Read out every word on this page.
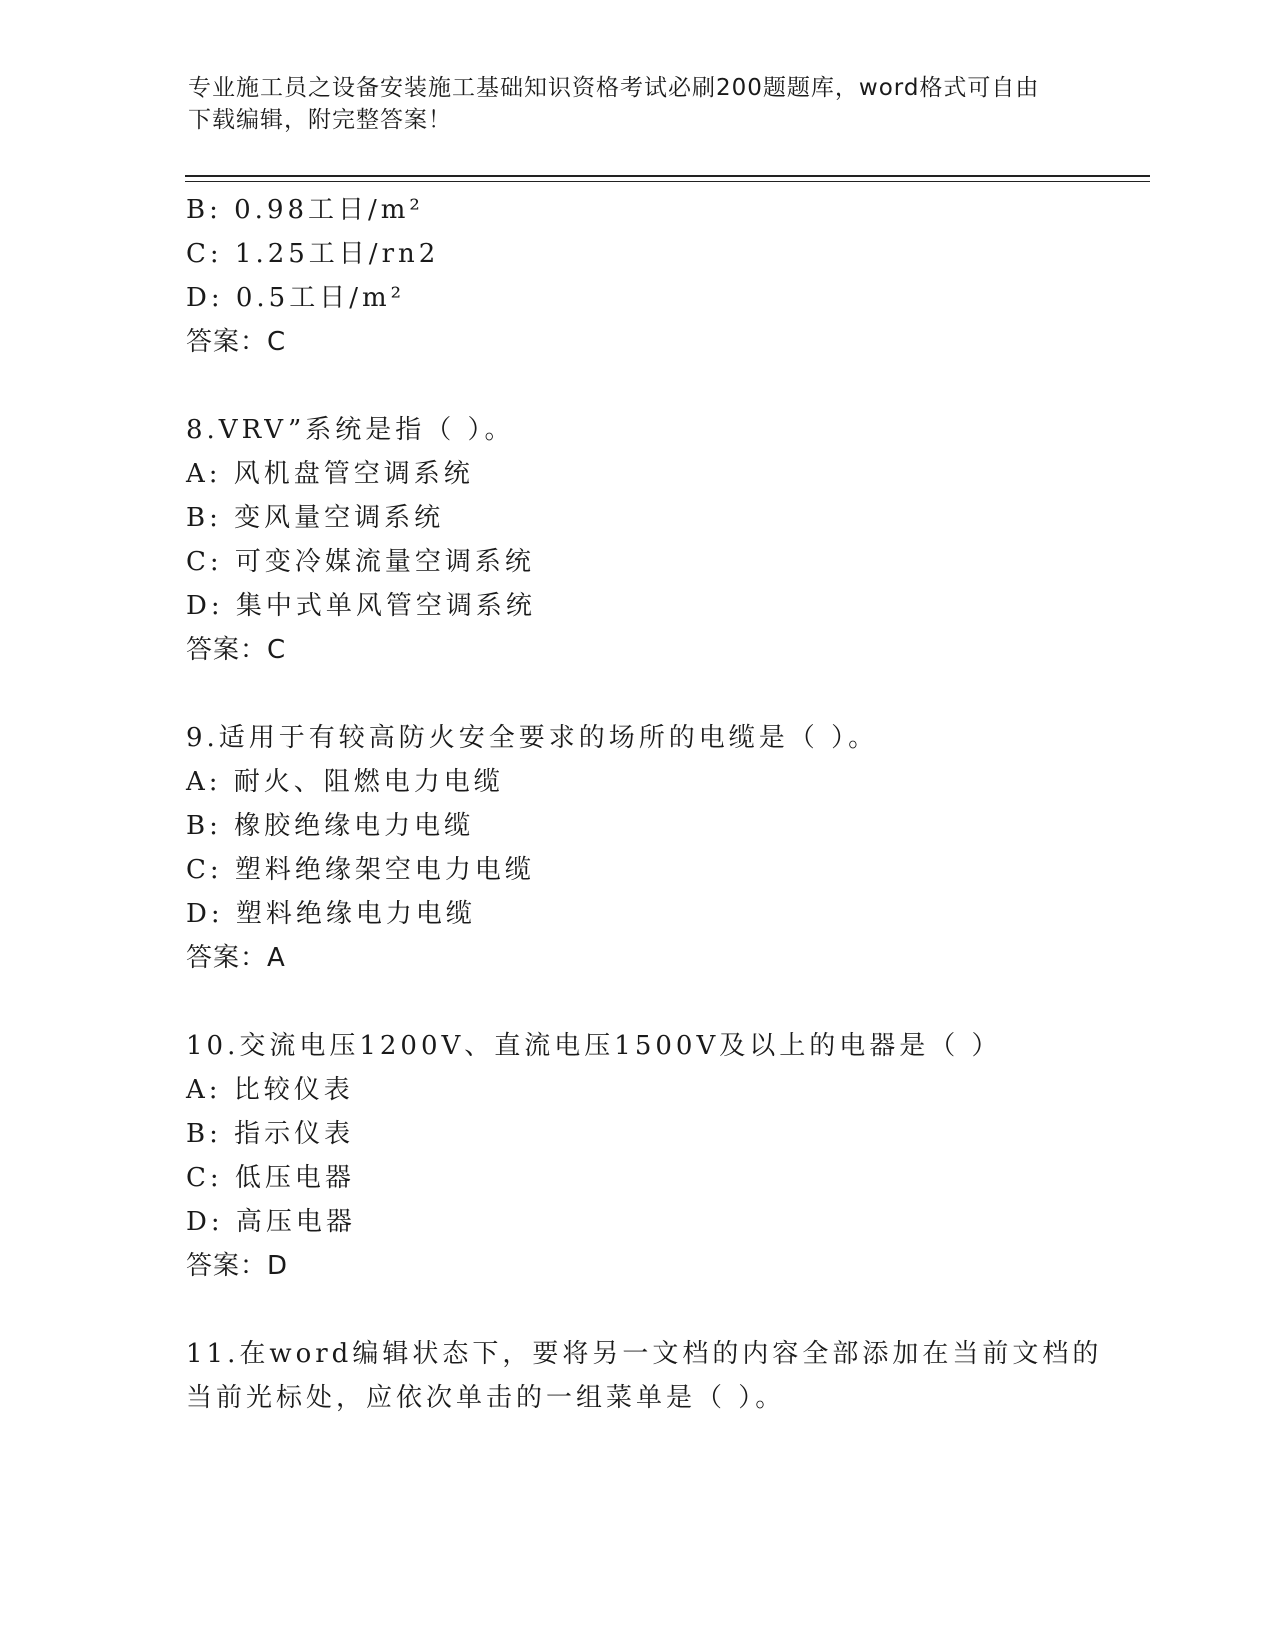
专业施工员之设备安装施工基础知识资格考试必刷200题题库，word格式可自由
下载编辑，附完整答案！
B: 0.98工日/m²
C: 1.25工日/rn2
D: 0.5工日/m²
答案：C
8.VRV”系统是指（ ）。
A: 风机盘管空调系统
B: 变风量空调系统
C: 可变冷媒流量空调系统
D: 集中式单风管空调系统
答案：C
9.适用于有较高防火安全要求的场所的电缆是（ ）。
A: 耐火、阻燃电力电缆
B: 橡胶绝缘电力电缆
C: 塑料绝缘架空电力电缆
D: 塑料绝缘电力电缆
答案：A
10.交流电压1200V、直流电压1500V及以上的电器是（ ）
A: 比较仪表
B: 指示仪表
C: 低压电器
D: 高压电器
答案：D
11.在word编辑状态下，要将另一文档的内容全部添加在当前文档的
当前光标处，应依次单击的一组菜单是（ ）。
